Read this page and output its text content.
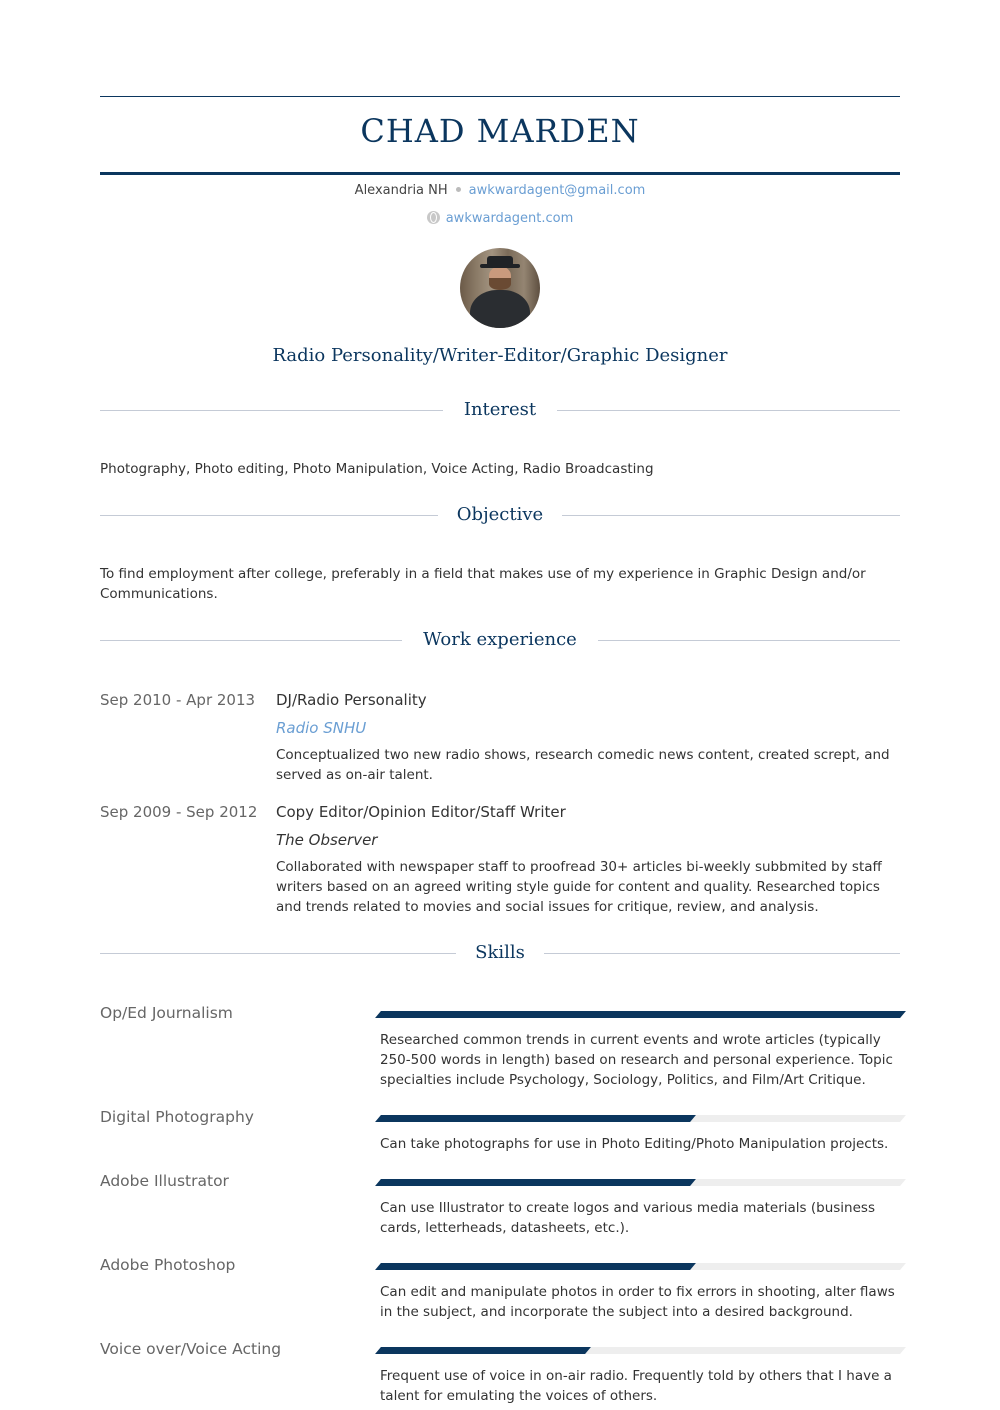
CHAD MARDEN
Alexandria NH awkwardagent@gmail.com
awkwardagent.com
Radio Personality/Writer-Editor/Graphic Designer
Interest
Photography, Photo editing, Photo Manipulation, Voice Acting, Radio Broadcasting
Objective
To find employment after college, preferably in a field that makes use of my experience in Graphic Design and/or Communications.
Work experience
Sep 2010 - Apr 2013	DJ/Radio Personality
Radio SNHU
Conceptualized two new radio shows, research comedic news content, created scrept, and served as on-air talent.
Sep 2009 - Sep 2012	Copy Editor/Opinion Editor/Staff Writer
The Observer
Collaborated with newspaper staff to proofread 30+ articles bi-weekly subbmited by staff writers based on an agreed writing style guide for content and quality. Researched topics and trends related to movies and social issues for critique, review, and analysis.
Skills
Op/Ed Journalism
Researched common trends in current events and wrote articles (typically 250-500 words in length) based on research and personal experience. Topic specialties include Psychology, Sociology, Politics, and Film/Art Critique.
Digital Photography
Can take photographs for use in Photo Editing/Photo Manipulation projects.
Adobe Illustrator
Can use Illustrator to create logos and various media materials (business cards, letterheads, datasheets, etc.).
Adobe Photoshop
Can edit and manipulate photos in order to fix errors in shooting, alter flaws in the subject, and incorporate the subject into a desired background.
Voice over/Voice Acting
Frequent use of voice in on-air radio. Frequently told by others that I have a talent for emulating the voices of others.
